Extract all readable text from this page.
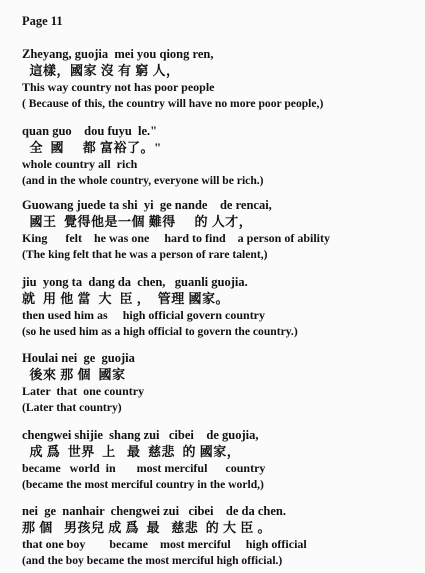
Page 11
Zheyang, guojia  mei you qiong ren,
這樣，國家 沒 有 窮 人，
This way country not has poor people
( Because of this, the country will have no more poor people,)
quan guo    dou fuyu  le."
全  國     都 富裕了。"
whole country all  rich
(and in the whole country, everyone will be rich.)
Guowang juede ta shi  yi  ge nande    de rencai,
國王  覺得他是一個 難得     的 人才，
King      felt    he was one     hard to find    a person of ability
(The king felt that he was a person of rare talent,)
jiu  yong ta  dang da  chen,   guanli guojia.
就  用 他 當  大  臣 ，  管理 國家。
then used him as     high official govern country
(so he used him as a high official to govern the country.)
Houlai nei  ge  guojia
後來 那 個  國家
Later  that  one country
(Later that country)
chengwei shijie  shang zui   cibei    de guojia,
成 爲  世界  上   最  慈悲  的 國家，
became   world  in       most merciful      country
(became the most merciful country in the world,)
nei  ge  nanhair  chengwei zui   cibei    de da chen.
那 個   男孩兒 成 爲  最   慈悲  的 大 臣 。
that one boy        became    most merciful     high official
(and the boy became the most merciful high official.)
